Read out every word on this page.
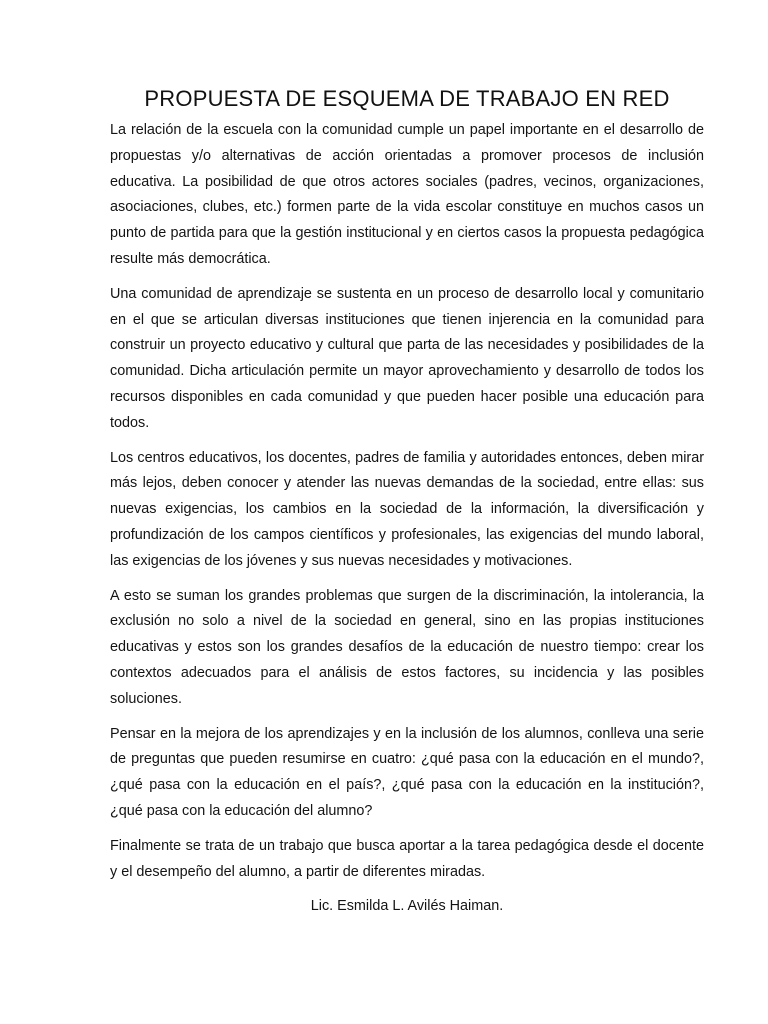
PROPUESTA DE ESQUEMA DE TRABAJO EN RED

La relación de la escuela con la comunidad cumple un papel importante en el desarrollo de propuestas y/o alternativas de acción orientadas a promover procesos de inclusión educativa. La posibilidad de que otros actores sociales (padres, vecinos, organizaciones, asociaciones, clubes, etc.) formen parte de la vida escolar constituye en muchos casos un punto de partida para que la gestión institucional y en ciertos casos la propuesta pedagógica resulte más democrática.

Una comunidad de aprendizaje se sustenta en un proceso de desarrollo local y comunitario en el que se articulan diversas instituciones que tienen injerencia en la comunidad para construir un proyecto educativo y cultural que parta de las necesidades y posibilidades de la comunidad. Dicha articulación permite un mayor aprovechamiento y desarrollo de todos los recursos disponibles en cada comunidad y que pueden hacer posible una educación para todos.

Los centros educativos, los docentes, padres de familia y autoridades entonces, deben mirar más lejos, deben conocer y atender las nuevas demandas de la sociedad, entre ellas: sus nuevas exigencias, los cambios en la sociedad de la información, la diversificación y profundización de los campos científicos y profesionales, las exigencias del mundo laboral, las exigencias de los jóvenes y sus nuevas necesidades y motivaciones.

A esto se suman los grandes problemas que surgen de la discriminación, la intolerancia, la exclusión no solo a nivel de la sociedad en general, sino en las propias instituciones educativas y estos son los grandes desafíos de la educación de nuestro tiempo: crear los contextos adecuados para el análisis de estos factores, su incidencia y las posibles soluciones.

Pensar en la mejora de los aprendizajes y en la inclusión de los alumnos, conlleva una serie de preguntas que pueden resumirse en cuatro: ¿qué pasa con la educación en el mundo?, ¿qué pasa con la educación en el país?, ¿qué pasa con la educación en la institución?, ¿qué pasa con la educación del alumno?

Finalmente se trata de un trabajo que busca aportar a la tarea pedagógica desde el docente y el desempeño del alumno, a partir de diferentes miradas.

Lic. Esmilda L. Avilés Haiman.
